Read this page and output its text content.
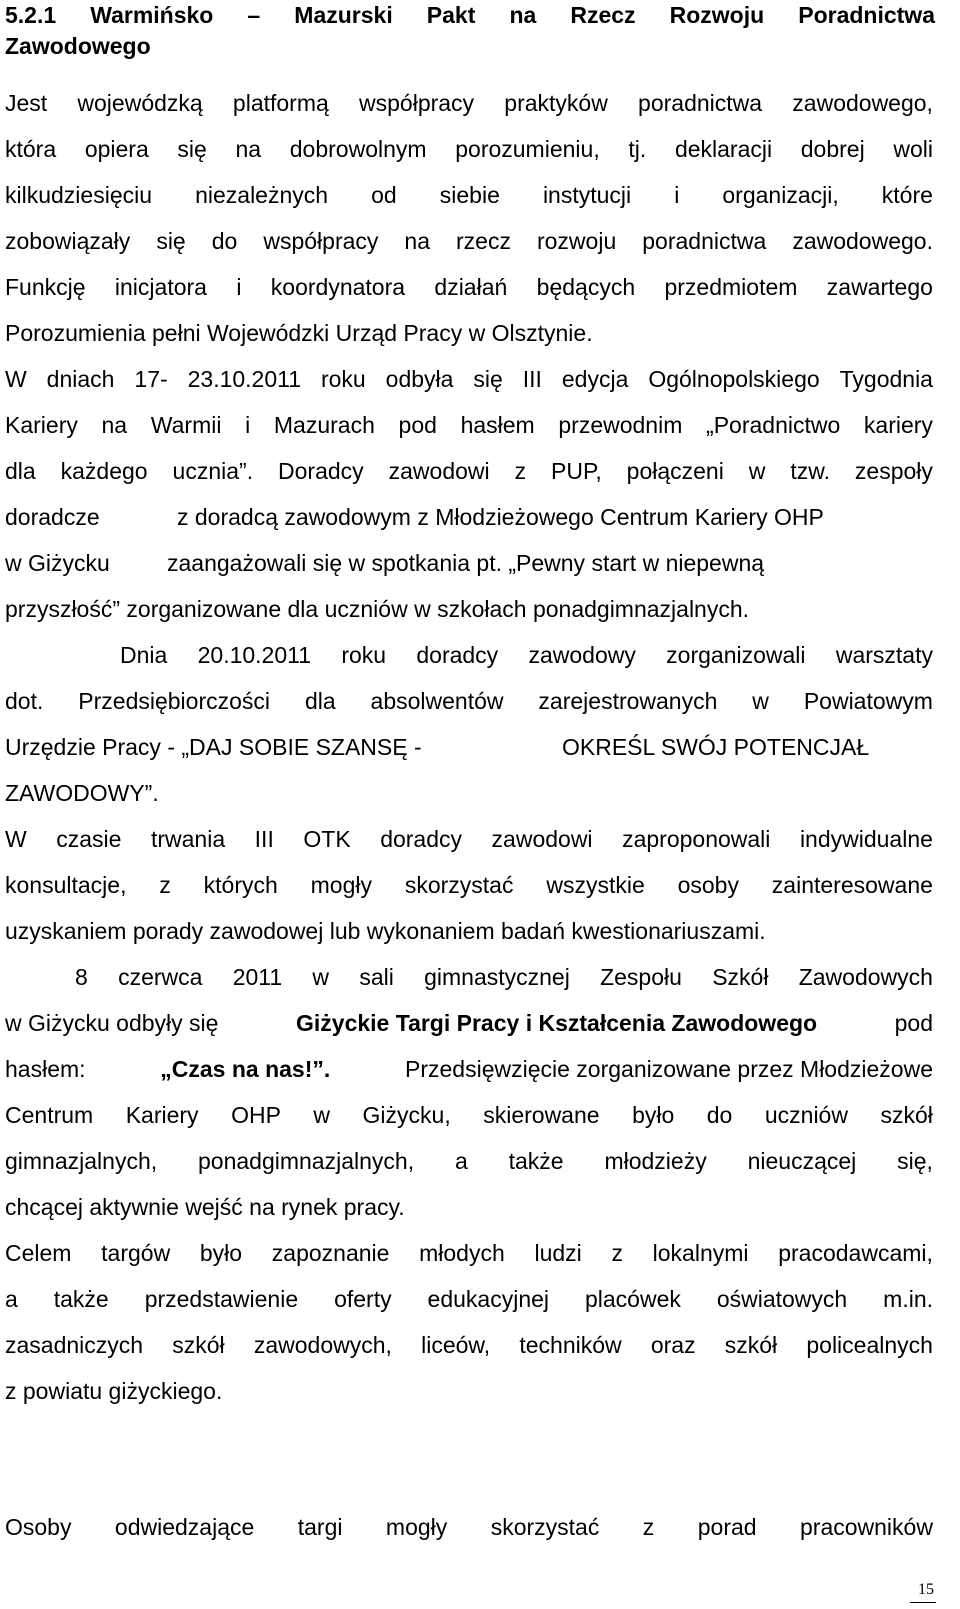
5.2.1 Warmińsko – Mazurski Pakt na Rzecz Rozwoju Poradnictwa Zawodowego
Jest wojewódzką platformą współpracy praktyków poradnictwa zawodowego,
która opiera się na dobrowolnym porozumieniu, tj. deklaracji dobrej woli
kilkudziesięciu niezależnych od siebie instytucji i organizacji, które
zobowiązały się do współpracy na rzecz rozwoju poradnictwa zawodowego.
Funkcję inicjatora i koordynatora działań będących przedmiotem zawartego
Porozumienia pełni Wojewódzki Urząd Pracy w Olsztynie.
W dniach 17- 23.10.2011 roku odbyła się III edycja Ogólnopolskiego Tygodnia
Kariery na Warmii i Mazurach pod hasłem przewodnim „Poradnictwo kariery
dla każdego ucznia”. Doradcy zawodowi z PUP, połączeni w tzw. zespoły
doradcze	z doradcą zawodowym z Młodzieżowego Centrum Kariery OHP
w Giżycku zaangażowali się w spotkania pt. „Pewny start w niepewną
przyszłość” zorganizowane dla uczniów w szkołach ponadgimnazjalnych.
Dnia 20.10.2011 roku doradcy zawodowy zorganizowali warsztaty
dot. Przedsiębiorczości dla absolwentów zarejestrowanych w Powiatowym
Urzędzie Pracy - „DAJ SOBIE SZANSĘ -	OKREŚL SWÓJ POTENCJAŁ
ZAWODOWY”.
W czasie trwania III OTK doradcy zawodowi zaproponowali indywidualne
konsultacje, z których mogły skorzystać wszystkie osoby zainteresowane
uzyskaniem porady zawodowej lub wykonaniem badań kwestionariuszami.
8 czerwca 2011 w sali gimnastycznej Zespołu Szkół Zawodowych
w Giżycku odbyły się	Giżyckie Targi Pracy i Kształcenia Zawodowego	pod
hasłem:	„Czas na nas!”.	Przedsięwzięcie zorganizowane przez Młodzieżowe
Centrum Kariery OHP w Giżycku, skierowane było do uczniów szkół
gimnazjalnych, ponadgimnazjalnych, a także młodzieży nieuczącej się,
chcącej aktywnie wejść na rynek pracy.
Celem targów było zapoznanie młodych ludzi z lokalnymi pracodawcami,
a także przedstawienie oferty edukacyjnej placówek oświatowych m.in.
zasadniczych szkół zawodowych, liceów, techników oraz szkół policealnych
z powiatu giżyckiego.
Osoby odwiedzające targi mogły skorzystać z porad pracowników
15
